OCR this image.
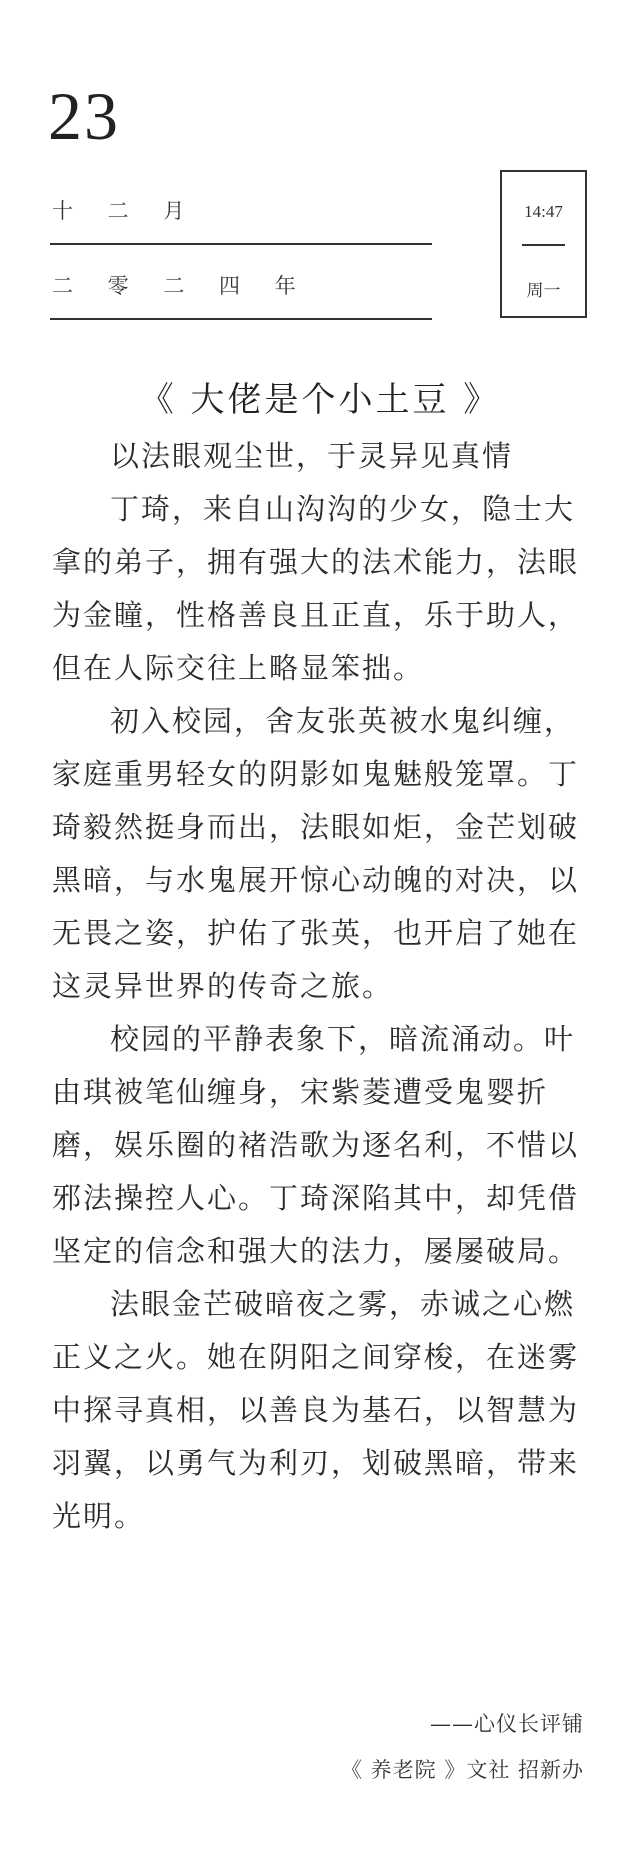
23
十 二 月
二 零 二 四 年
14:47
周一
《 大佬是个小土豆 》

以法眼观尘世，于灵异见真情

丁琦，来自山沟沟的少女，隐士大拿的弟子，拥有强大的法术能力，法眼为金瞳，性格善良且正直，乐于助人，但在人际交往上略显笨拙。

初入校园，舍友张英被水鬼纠缠，家庭重男轻女的阴影如鬼魅般笼罩。丁琦毅然挺身而出，法眼如炬，金芒划破黑暗，与水鬼展开惊心动魄的对决，以无畏之姿，护佑了张英，也开启了她在这灵异世界的传奇之旅。

校园的平静表象下，暗流涌动。叶由琪被笔仙缠身，宋紫菱遭受鬼婴折磨，娱乐圈的褚浩歌为逐名利，不惜以邪法操控人心。丁琦深陷其中，却凭借坚定的信念和强大的法力，屡屡破局。

法眼金芒破暗夜之雾，赤诚之心燃正义之火。她在阴阳之间穿梭，在迷雾中探寻真相，以善良为基石，以智慧为羽翼，以勇气为利刃，划破黑暗，带来光明。

——心仪长评铺
《 养老院 》文社 招新办
